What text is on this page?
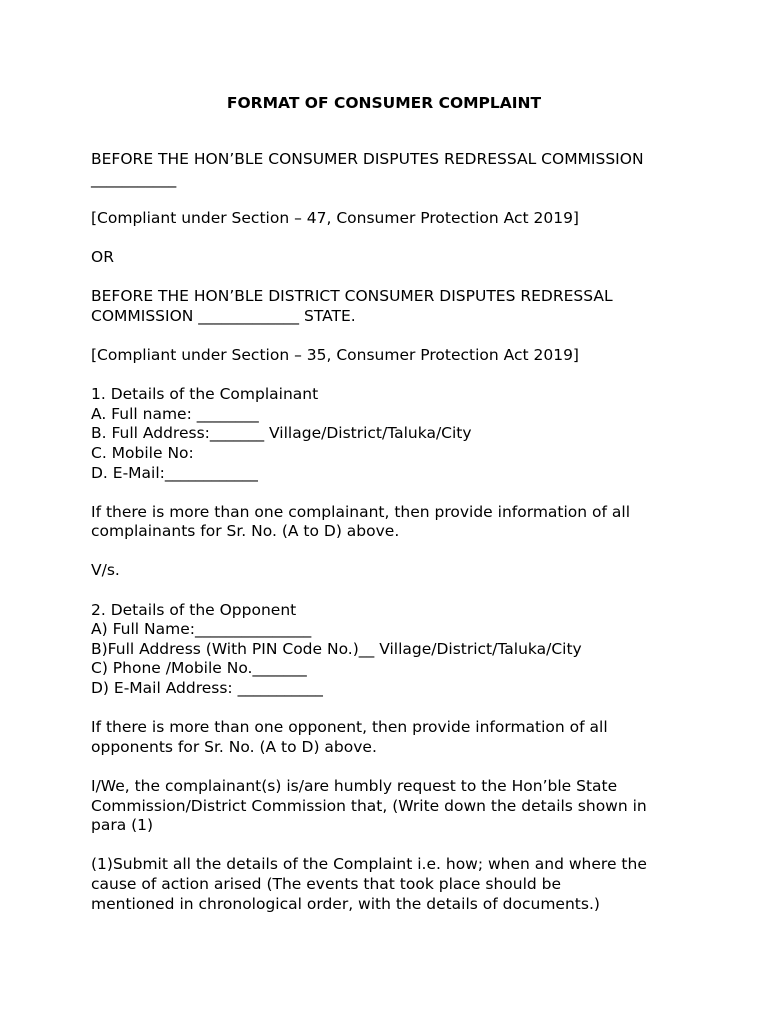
FORMAT OF CONSUMER COMPLAINT

BEFORE THE HON’BLE CONSUMER DISPUTES REDRESSAL COMMISSION
___________

[Compliant under Section – 47, Consumer Protection Act 2019]

OR

BEFORE THE HON’BLE DISTRICT CONSUMER DISPUTES REDRESSAL
COMMISSION _____________ STATE.

[Compliant under Section – 35, Consumer Protection Act 2019]

1. Details of the Complainant
A. Full name: ________
B. Full Address:_______ Village/District/Taluka/City
C. Mobile No:
D. E-Mail:____________

If there is more than one complainant, then provide information of all
complainants for Sr. No. (A to D) above.

V/s.

2. Details of the Opponent
A) Full Name:_______________
B)Full Address (With PIN Code No.)__ Village/District/Taluka/City
C) Phone /Mobile No._______
D) E-Mail Address: ___________

If there is more than one opponent, then provide information of all
opponents for Sr. No. (A to D) above.

I/We, the complainant(s) is/are humbly request to the Hon’ble State
Commission/District Commission that, (Write down the details shown in
para (1)

(1)Submit all the details of the Complaint i.e. how; when and where the
cause of action arised (The events that took place should be
mentioned in chronological order, with the details of documents.)
